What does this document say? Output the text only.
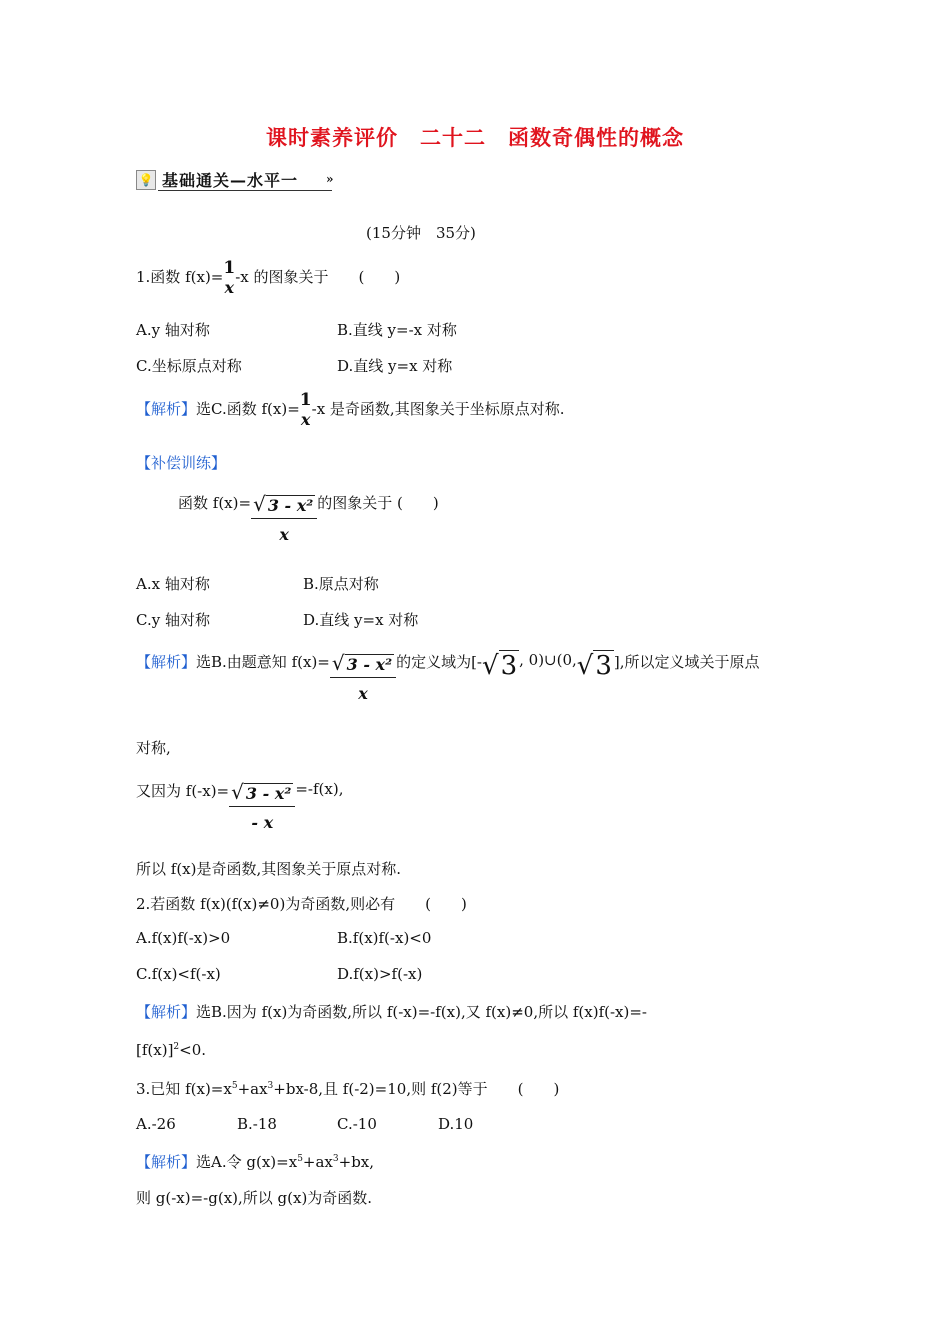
课时素养评价　二十二　函数奇偶性的概念
💡 基础通关—水平一 »
(15分钟　35分)
1.函数 f(x)= 1
x
-x 的图象关于　　(　　)
A.y 轴对称	B.直线 y=-x 对称
C.坐标原点对称	D.直线 y=x 对称
【解析】选C.函数 f(x)= 1
x
-x 是奇函数,其图象关于坐标原点对称.
【补偿训练】
函数 $f(x)= \frac{\text{√ 3 - x²}}{x}$ 的图象关于 (　　)
A.x 轴对称	B.原点对称
C.y 轴对称	D.直线 y=x 对称
【解析】选B.由题意知 $f(x)= \frac{\text{√ 3 - x²}}{x}$ 的定义域为[-√3 , 0)∪(0,√3 ],所以定义域关于原点
对称,
又因为 $f(-x)= \frac{\text{√ 3 - x²}}{- x} =-f(x)$,
所以 f(x)是奇函数,其图象关于原点对称.
2.若函数 f(x)(f(x)≠0)为奇函数,则必有　　(　　)
A.f(x)f(-x)>0	B.f(x)f(-x)<0
C.f(x)<f(-x)	D.f(x)>f(-x)
【解析】选B.因为 f(x)为奇函数,所以 f(-x)=-f(x),又 f(x)≠0,所以 f(x)f(-x)=-
$[f(x)]^2<0$.
3.已知 $f(x)=x^5+ax^3+bx-8$,且 f(-2)=10,则 f(2)等于　　(　　)
A.-26	B.-18	C.-10	D.10
【解析】选A.令 $g(x)=x^5+ax^3+bx$,
则 g(-x)=-g(x),所以 g(x)为奇函数.
